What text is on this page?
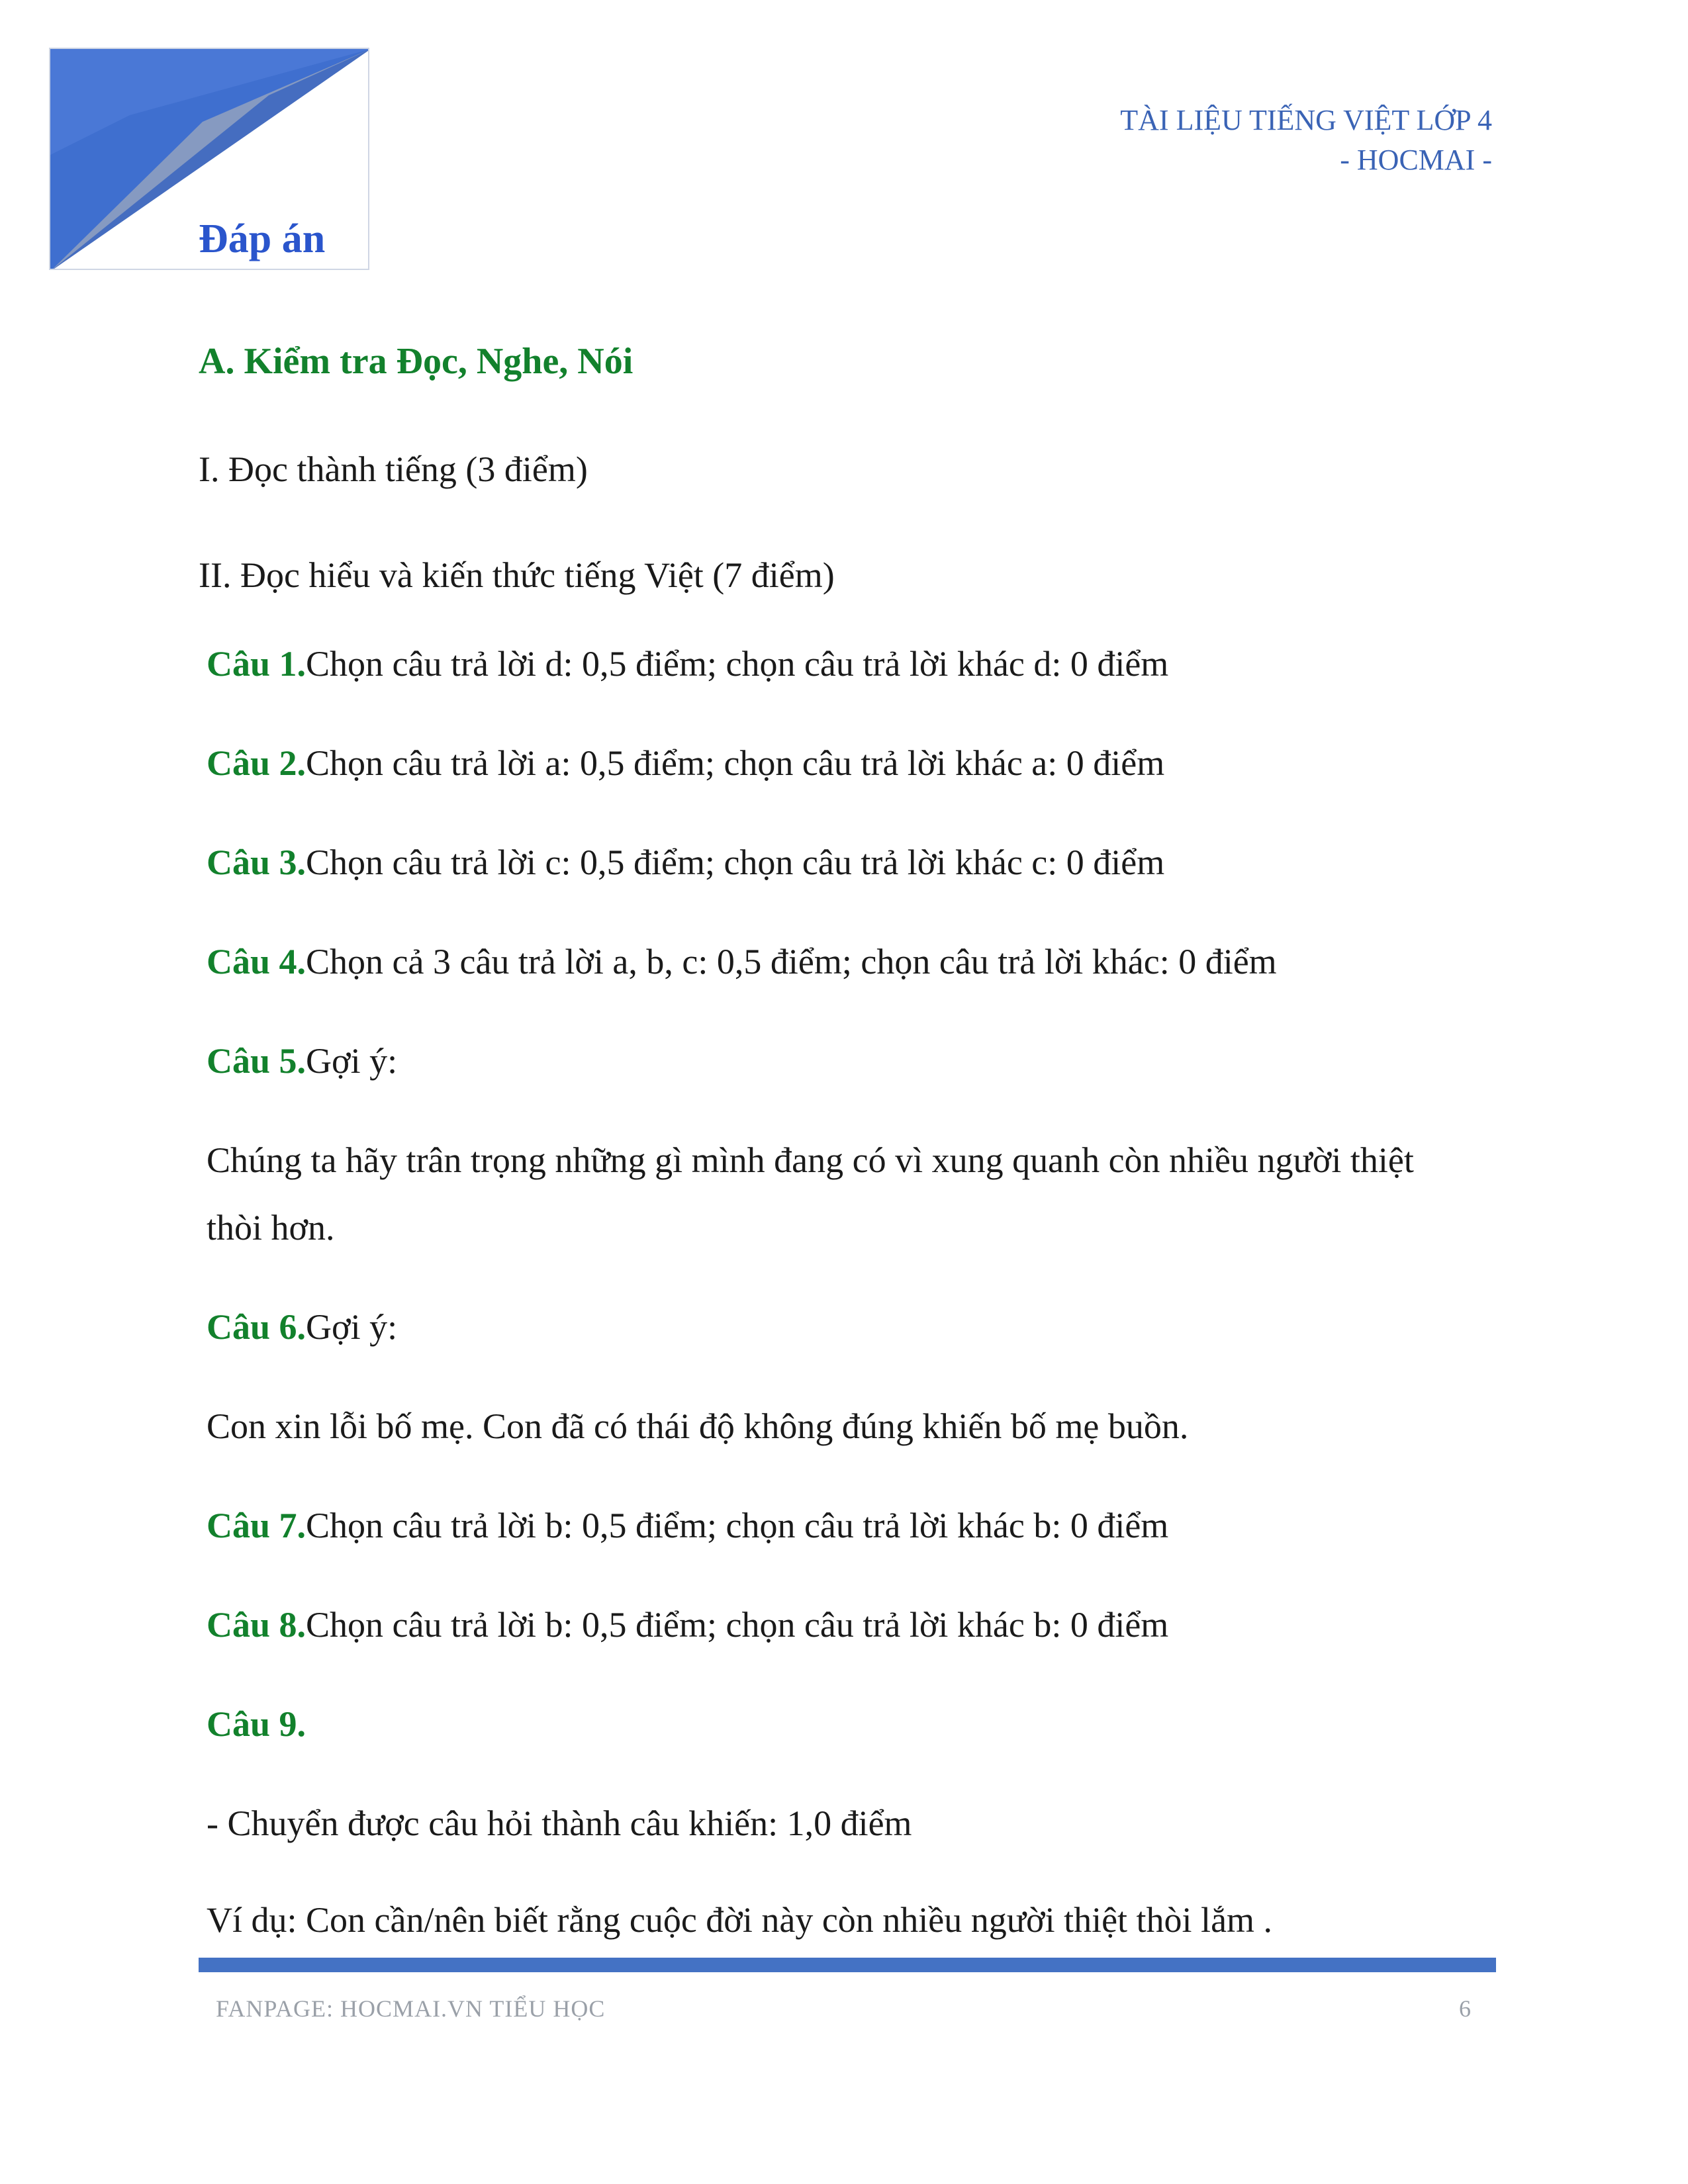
Đáp án
TÀI LIỆU TIẾNG VIỆT LỚP 4
- HOCMAI -
A. Kiểm tra Đọc, Nghe, Nói
I. Đọc thành tiếng (3 điểm)
II. Đọc hiểu và kiến thức tiếng Việt (7 điểm)
Câu 1.Chọn câu trả lời d: 0,5 điểm; chọn câu trả lời khác d: 0 điểm
Câu 2.Chọn câu trả lời a: 0,5 điểm; chọn câu trả lời khác a: 0 điểm
Câu 3.Chọn câu trả lời c: 0,5 điểm; chọn câu trả lời khác c: 0 điểm
Câu 4.Chọn cả 3 câu trả lời a, b, c: 0,5 điểm; chọn câu trả lời khác: 0 điểm
Câu 5.Gợi ý:
Chúng ta hãy trân trọng những gì mình đang có vì xung quanh còn nhiều người thiệt
thòi hơn.
Câu 6.Gợi ý:
Con xin lỗi bố mẹ. Con đã có thái độ không đúng khiến bố mẹ buồn.
Câu 7.Chọn câu trả lời b: 0,5 điểm; chọn câu trả lời khác b: 0 điểm
Câu 8.Chọn câu trả lời b: 0,5 điểm; chọn câu trả lời khác b: 0 điểm
Câu 9.
- Chuyển được câu hỏi thành câu khiến: 1,0 điểm
Ví dụ: Con cần/nên biết rằng cuộc đời này còn nhiều người thiệt thòi lắm .
FANPAGE: HOCMAI.VN TIỂU HỌC	6
